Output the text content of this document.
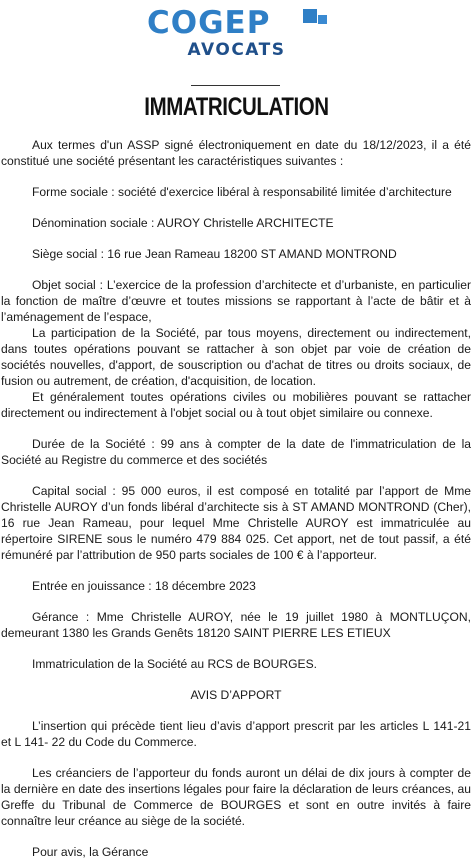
COGEP
AVOCATS
IMMATRICULATION

Aux termes d'un ASSP signé électroniquement en date du 18/12/2023, il a été constitué une société présentant les caractéristiques suivantes :

Forme sociale : société d'exercice libéral à responsabilité limitée d’architecture

Dénomination sociale : AUROY Christelle ARCHITECTE

Siège social : 16 rue Jean Rameau 18200 ST AMAND MONTROND

Objet social : L’exercice de la profession d’architecte et d’urbaniste, en particulier la fonction de maître d’œuvre et toutes missions se rapportant à l’acte de bâtir et à l’aménagement de l’espace,

La participation de la Société, par tous moyens, directement ou indirectement, dans toutes opérations pouvant se rattacher à son objet par voie de création de sociétés nouvelles, d'apport, de souscription ou d'achat de titres ou droits sociaux, de fusion ou autrement, de création, d'acquisition, de location.

Et généralement toutes opérations civiles ou mobilières pouvant se rattacher directement ou indirectement à l'objet social ou à tout objet similaire ou connexe.

Durée de la Société : 99 ans à compter de la date de l'immatriculation de la Société au Registre du commerce et des sociétés

Capital social : 95 000 euros, il est composé en totalité par l’apport de Mme Christelle AUROY d’un fonds libéral d’architecte sis à ST AMAND MONTROND (Cher), 16 rue Jean Rameau, pour lequel Mme Christelle AUROY est immatriculée au répertoire SIRENE sous le numéro 479 884 025. Cet apport, net de tout passif, a été rémunéré par l’attribution de 950 parts sociales de 100 € à l’apporteur.

Entrée en jouissance : 18 décembre 2023

Gérance : Mme Christelle AUROY, née le 19 juillet 1980 à MONTLUÇON, demeurant 1380 les Grands Genêts 18120 SAINT PIERRE LES ETIEUX

Immatriculation de la Société au RCS de BOURGES.

AVIS D’APPORT

L’insertion qui précède tient lieu d’avis d’apport prescrit par les articles L 141-21 et L 141- 22 du Code du Commerce.

Les créanciers de l’apporteur du fonds auront un délai de dix jours à compter de la dernière en date des insertions légales pour faire la déclaration de leurs créances, au Greffe du Tribunal de Commerce de BOURGES et sont en outre invités à faire connaître leur créance au siège de la société.

Pour avis, la Gérance
